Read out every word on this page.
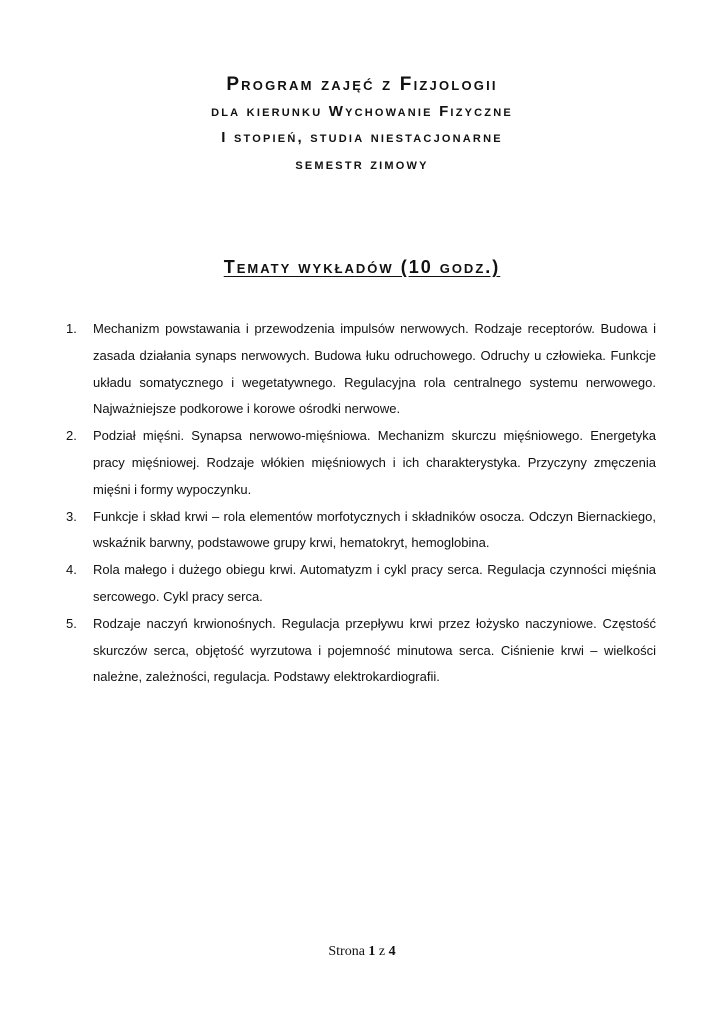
Program zajęć z Fizjologii
dla kierunku Wychowanie Fizyczne
I stopień, studia niestacjonarne
semestr zimowy
Tematy wykładów (10 godz.)
1. Mechanizm powstawania i przewodzenia impulsów nerwowych. Rodzaje receptorów. Budowa i zasada działania synaps nerwowych. Budowa łuku odruchowego. Odruchy u człowieka. Funkcje układu somatycznego i wegetatywnego. Regulacyjna rola centralnego systemu nerwowego. Najważniejsze podkorowe i korowe ośrodki nerwowe.
2. Podział mięśni. Synapsa nerwowo-mięśniowa. Mechanizm skurczu mięśniowego. Energetyka pracy mięśniowej. Rodzaje włókien mięśniowych i ich charakterystyka. Przyczyny zmęczenia mięśni i formy wypoczynku.
3. Funkcje i skład krwi – rola elementów morfotycznych i składników osocza. Odczyn Biernackiego, wskaźnik barwny, podstawowe grupy krwi, hematokryt, hemoglobina.
4. Rola małego i dużego obiegu krwi. Automatyzm i cykl pracy serca. Regulacja czynności mięśnia sercowego. Cykl pracy serca.
5. Rodzaje naczyń krwionośnych. Regulacja przepływu krwi przez łożysko naczyniowe. Częstość skurczów serca, objętość wyrzutowa i pojemność minutowa serca. Ciśnienie krwi – wielkości należne, zależności, regulacja. Podstawy elektrokardiografii.
Strona 1 z 4
